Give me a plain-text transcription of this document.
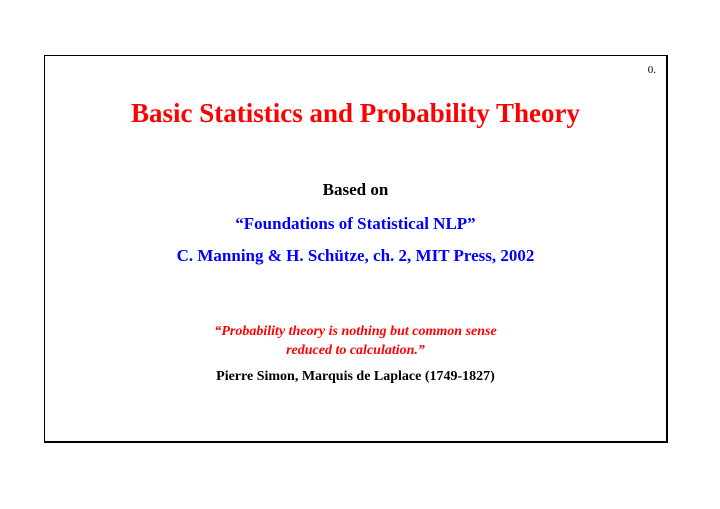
0.
Basic Statistics and Probability Theory
Based on
“Foundations of Statistical NLP”
C. Manning & H. Schütze, ch. 2, MIT Press, 2002
“Probability theory is nothing but common sense
reduced to calculation.”
Pierre Simon, Marquis de Laplace (1749-1827)
